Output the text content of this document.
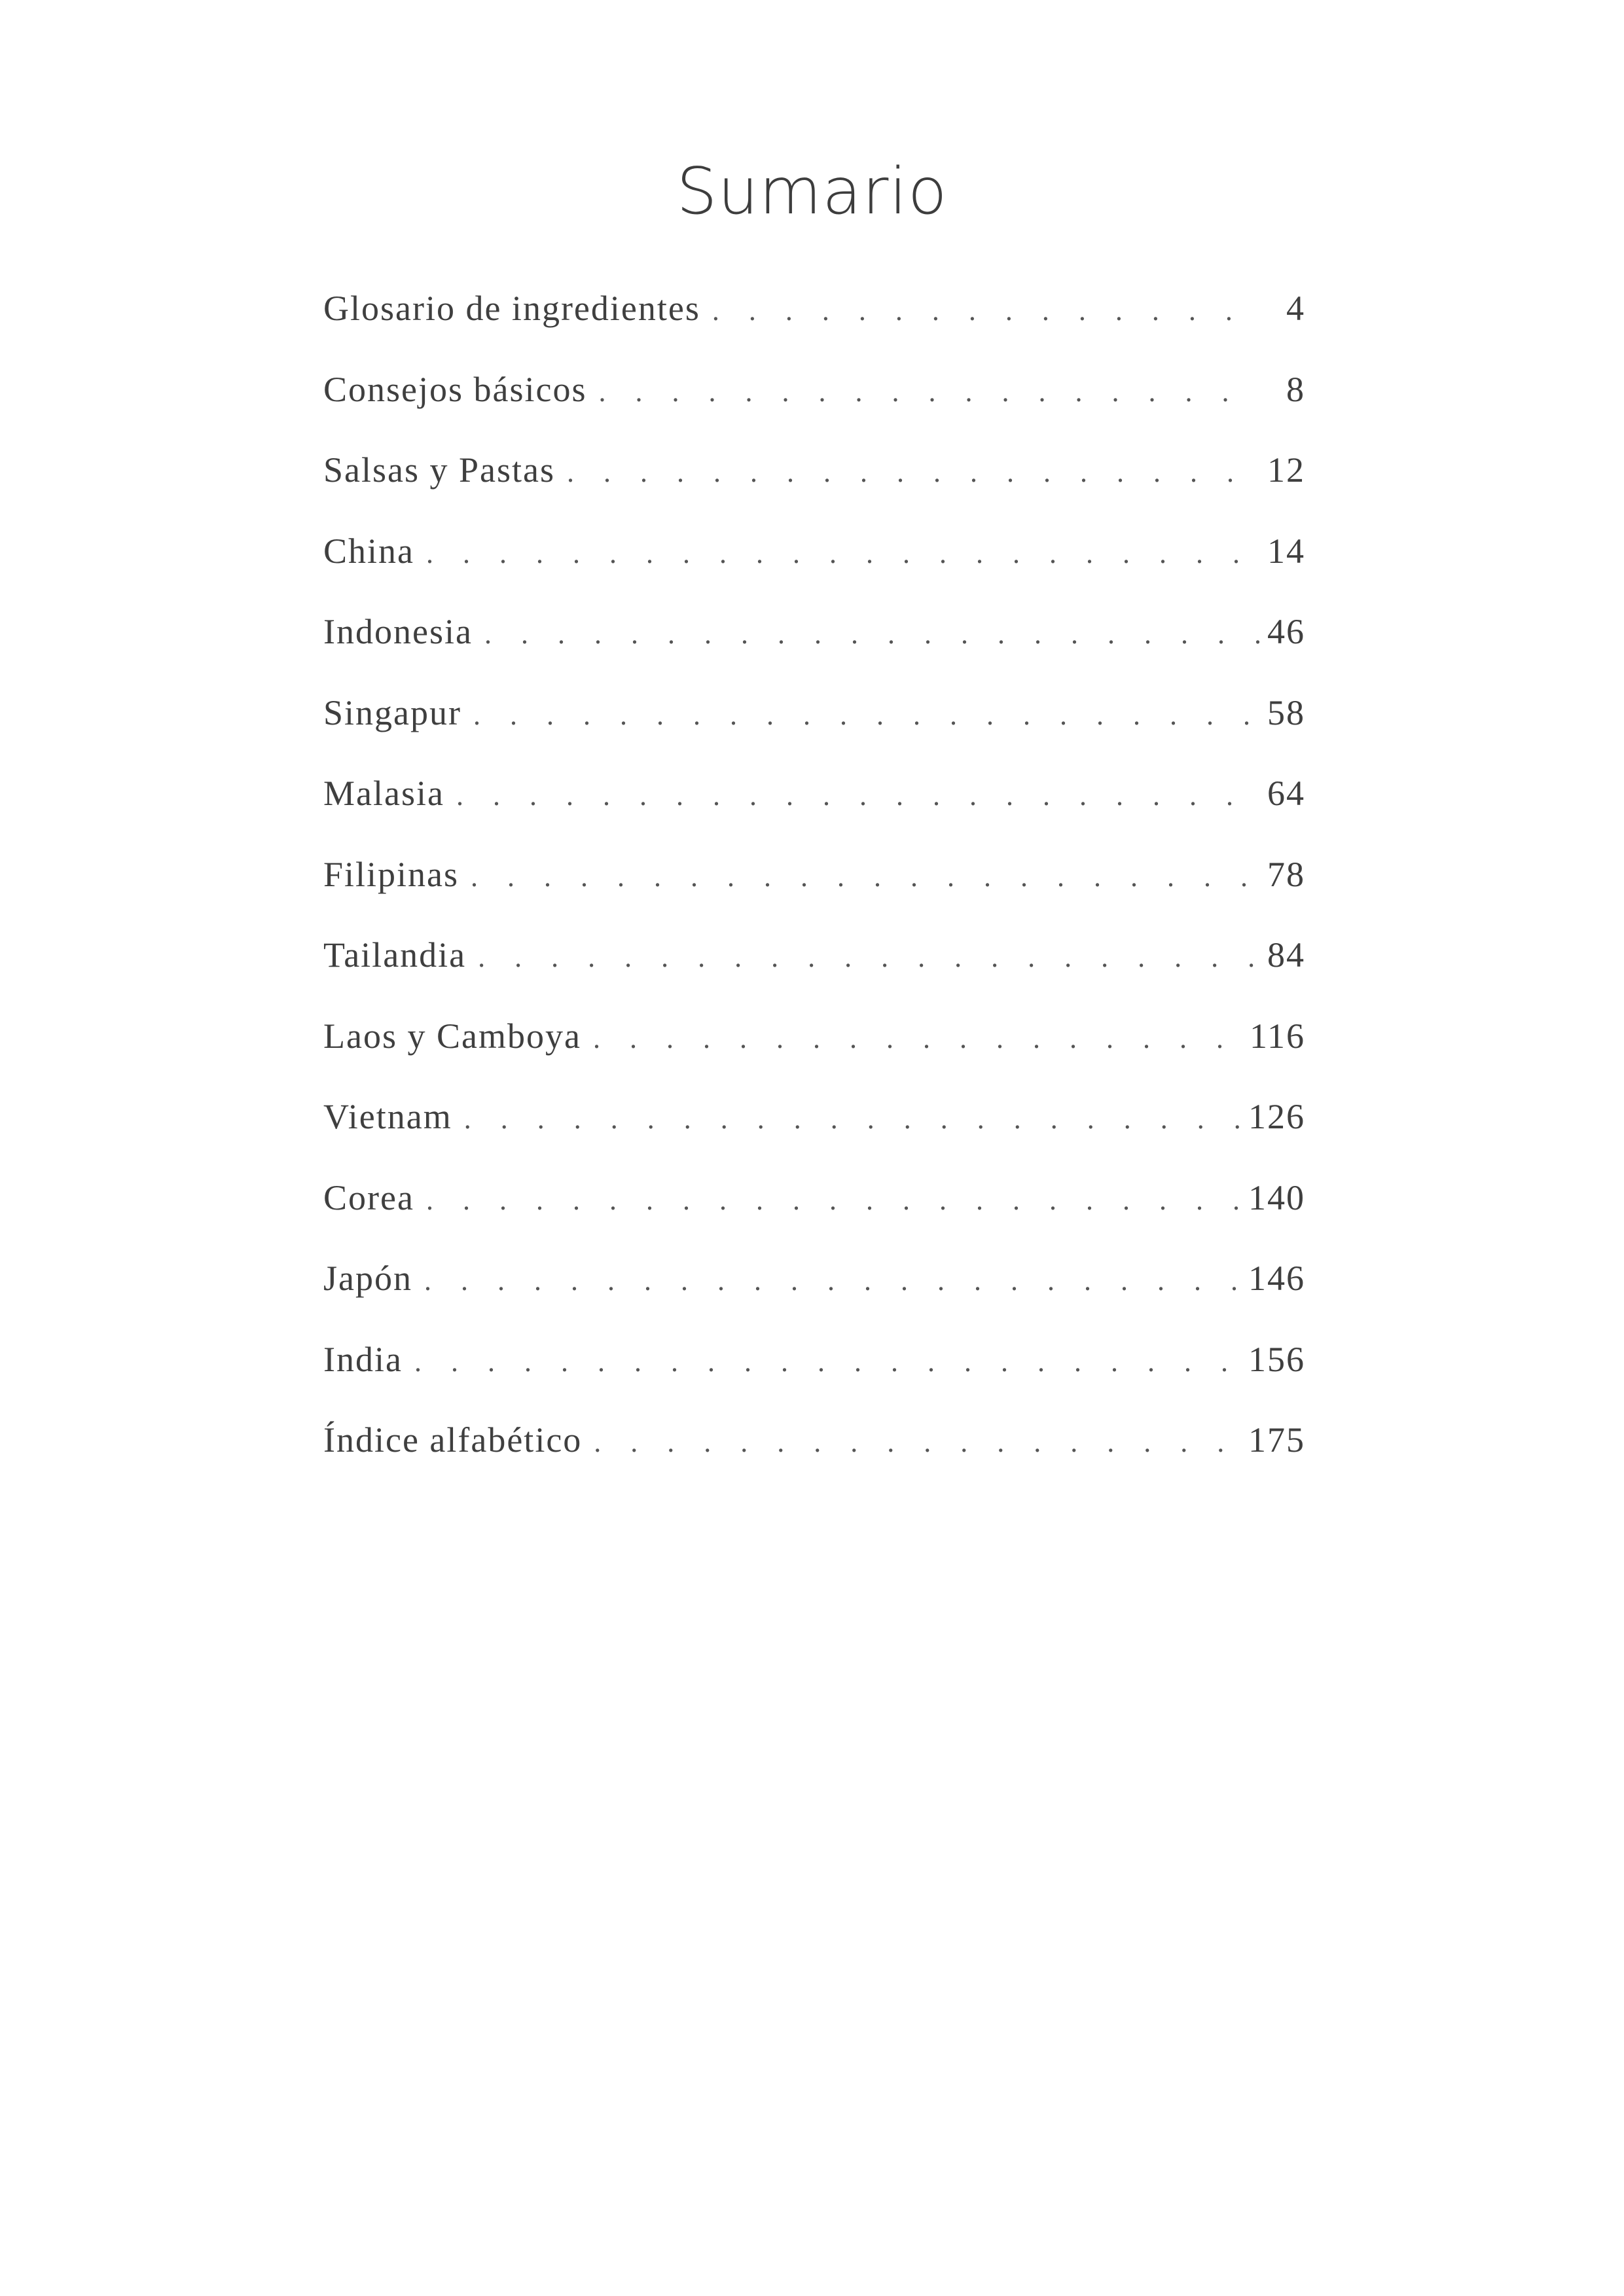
Sumario
Glosario de ingredientes . . .	4
Consejos básicos . . .	8
Salsas y Pastas . . .	12
China . . .	14
Indonesia . . .	46
Singapur . . .	58
Malasia . . .	64
Filipinas . . .	78
Tailandia . . .	84
Laos y Camboya . . .	116
Vietnam . . .	126
Corea . . .	140
Japón . . .	146
India . . .	156
Índice alfabético . . .	175
